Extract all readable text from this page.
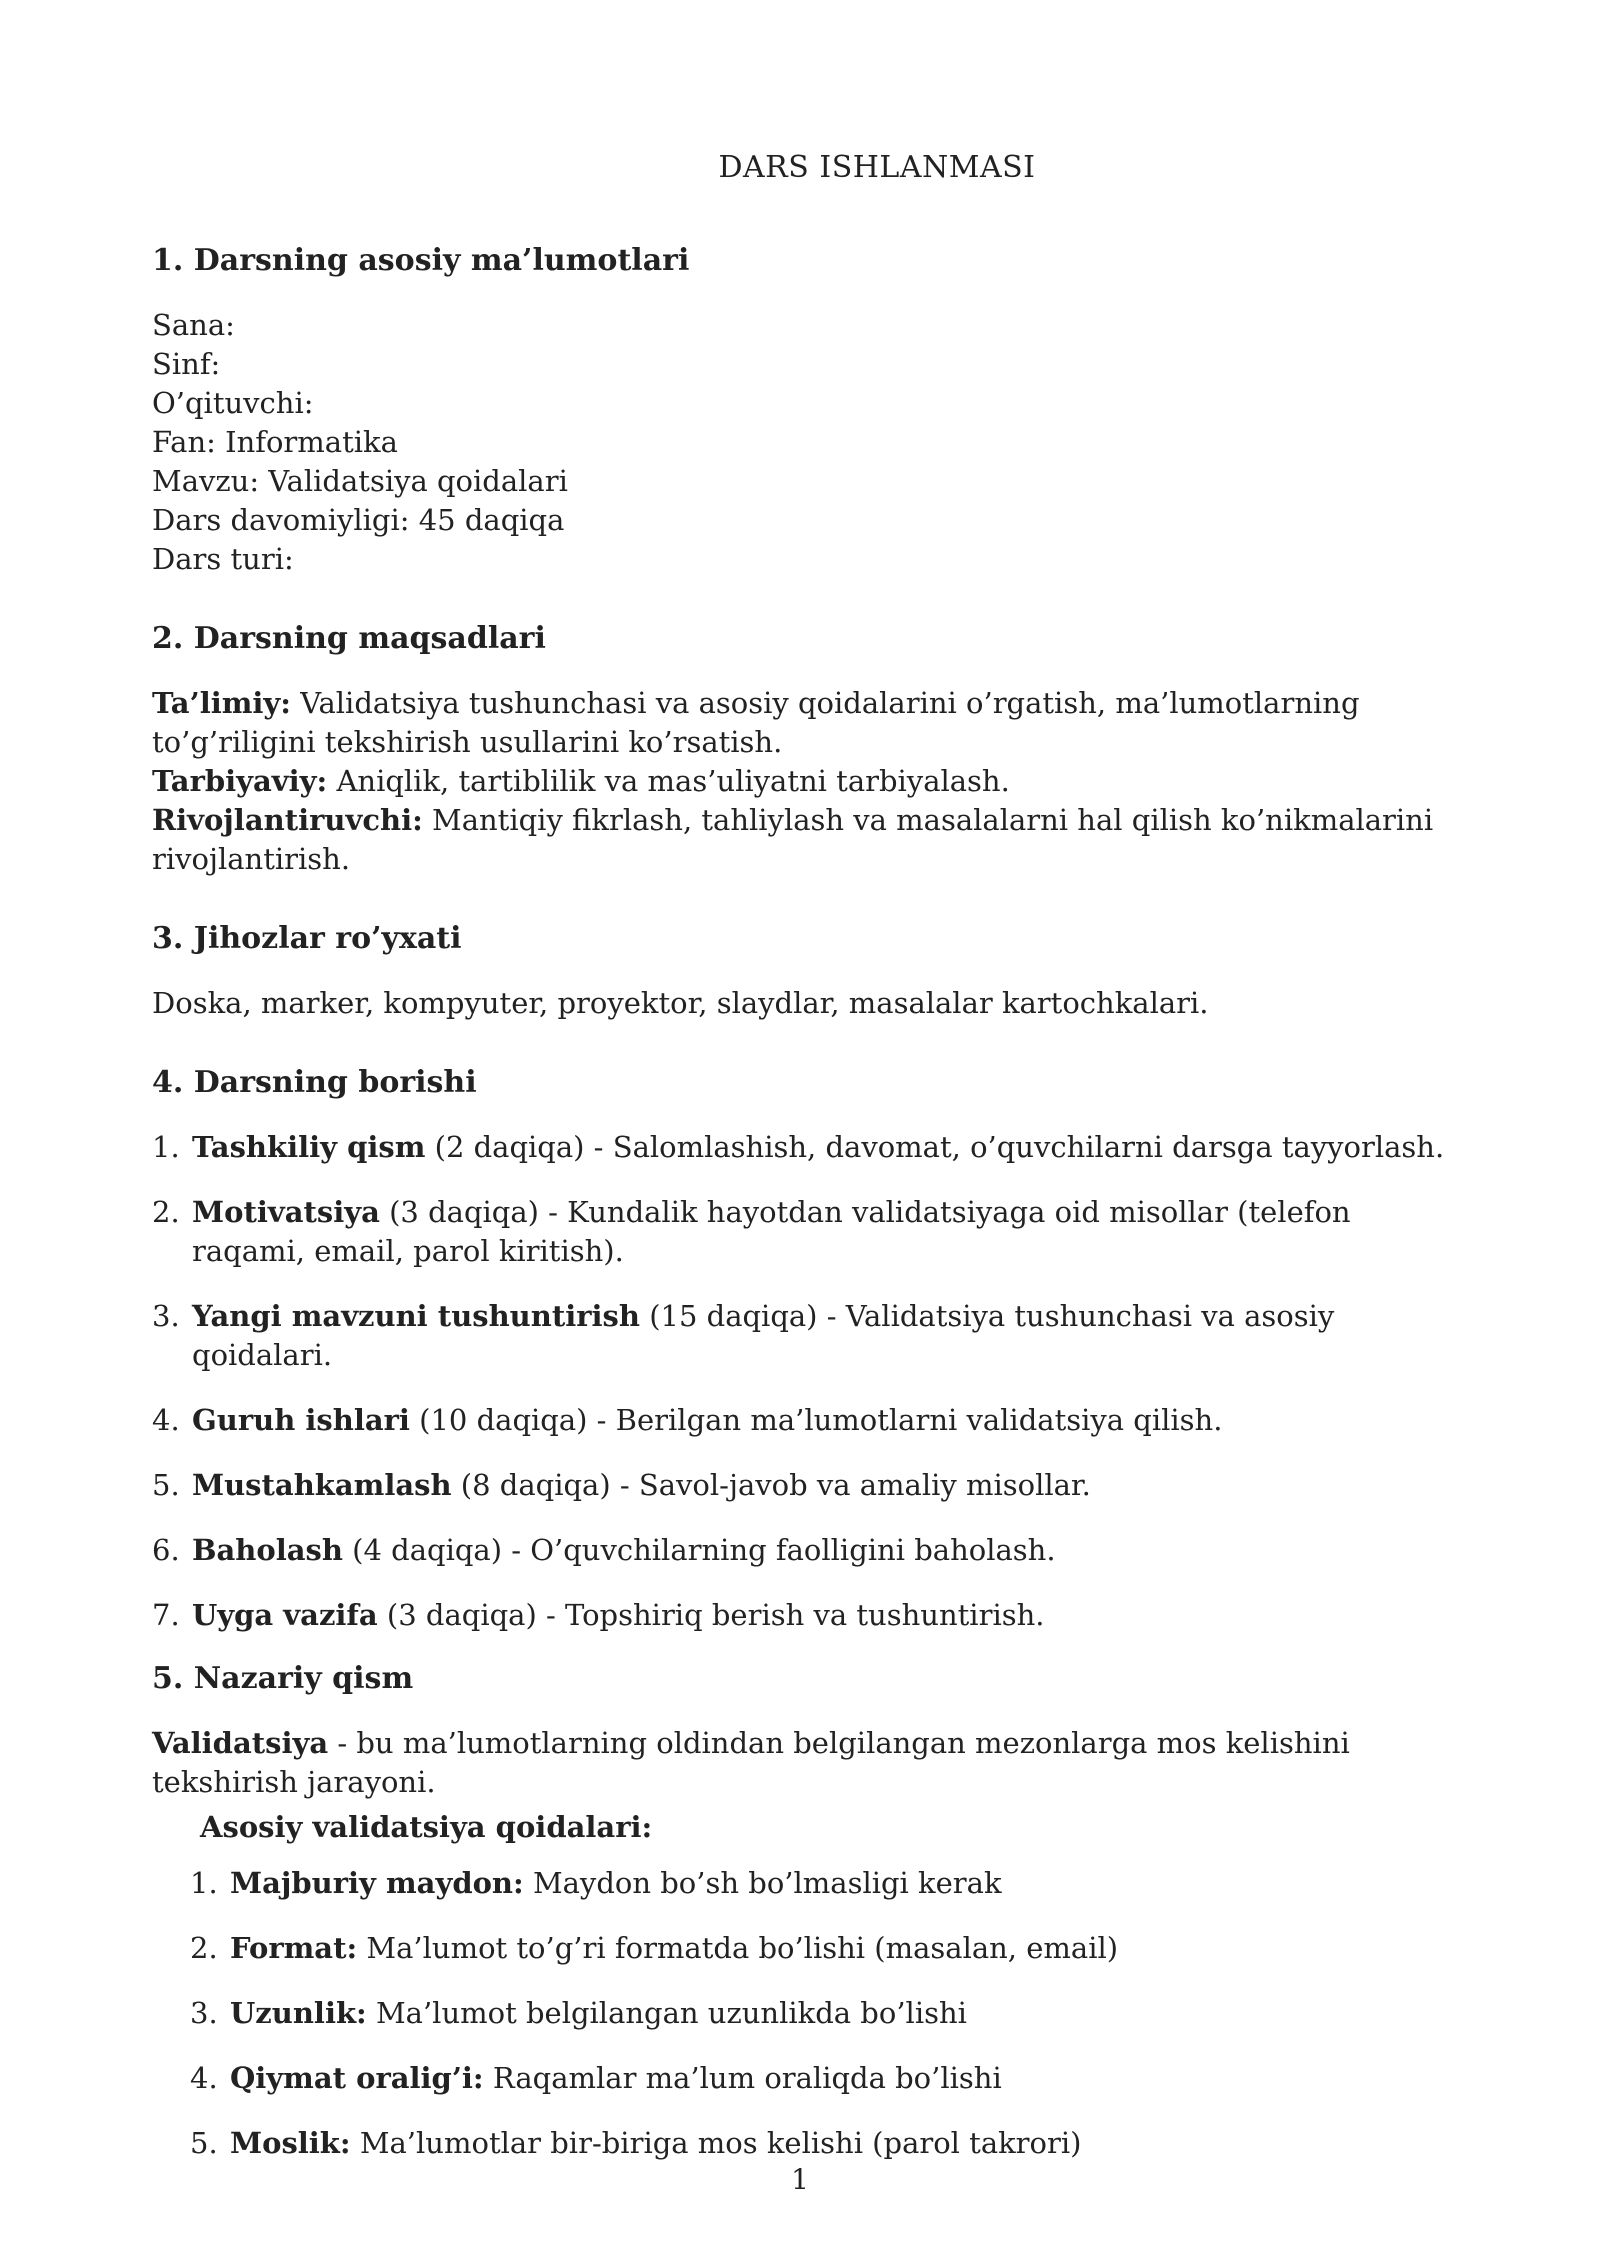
DARS ISHLANMASI
1. Darsning asosiy ma’lumotlari

Sana:

Sinf:

O’qituvchi:

Fan: Informatika

Mavzu: Validatsiya qoidalari

Dars davomiyligi: 45 daqiqa

Dars turi:

2. Darsning maqsadlari

Ta’limiy: Validatsiya tushunchasi va asosiy qoidalarini o’rgatish, ma’lumotlarning to’g’riligini tekshirish usullarini ko’rsatish.

Tarbiyaviy: Aniqlik, tartiblilik va mas’uliyatni tarbiyalash.

Rivojlantiruvchi: Mantiqiy fikrlash, tahliylash va masalalarni hal qilish ko’nikmalarini rivojlantirish.

3. Jihozlar ro’yxati

Doska, marker, kompyuter, proyektor, slaydlar, masalalar kartochkalari.

4. Darsning borishi
1. Tashkiliy qism (2 daqiqa) - Salomlashish, davomat, o’quvchilarni darsga tayyorlash.
2. Motivatsiya (3 daqiqa) - Kundalik hayotdan validatsiyaga oid misollar (telefon raqami, email, parol kiritish).
3. Yangi mavzuni tushuntirish (15 daqiqa) - Validatsiya tushunchasi va asosiy qoidalari.
4. Guruh ishlari (10 daqiqa) - Berilgan ma’lumotlarni validatsiya qilish.
5. Mustahkamlash (8 daqiqa) - Savol-javob va amaliy misollar.
6. Baholash (4 daqiqa) - O’quvchilarning faolligini baholash.
7. Uyga vazifa (3 daqiqa) - Topshiriq berish va tushuntirish.
5. Nazariy qism

Validatsiya - bu ma’lumotlarning oldindan belgilangan mezonlarga mos kelishini tekshirish jarayoni.

Asosiy validatsiya qoidalari:
1. Majburiy maydon: Maydon bo’sh bo’lmasligi kerak
2. Format: Ma’lumot to’g’ri formatda bo’lishi (masalan, email)
3. Uzunlik: Ma’lumot belgilangan uzunlikda bo’lishi
4. Qiymat oralig’i: Raqamlar ma’lum oraliqda bo’lishi
5. Moslik: Ma’lumotlar bir-biriga mos kelishi (parol takrori)
1
